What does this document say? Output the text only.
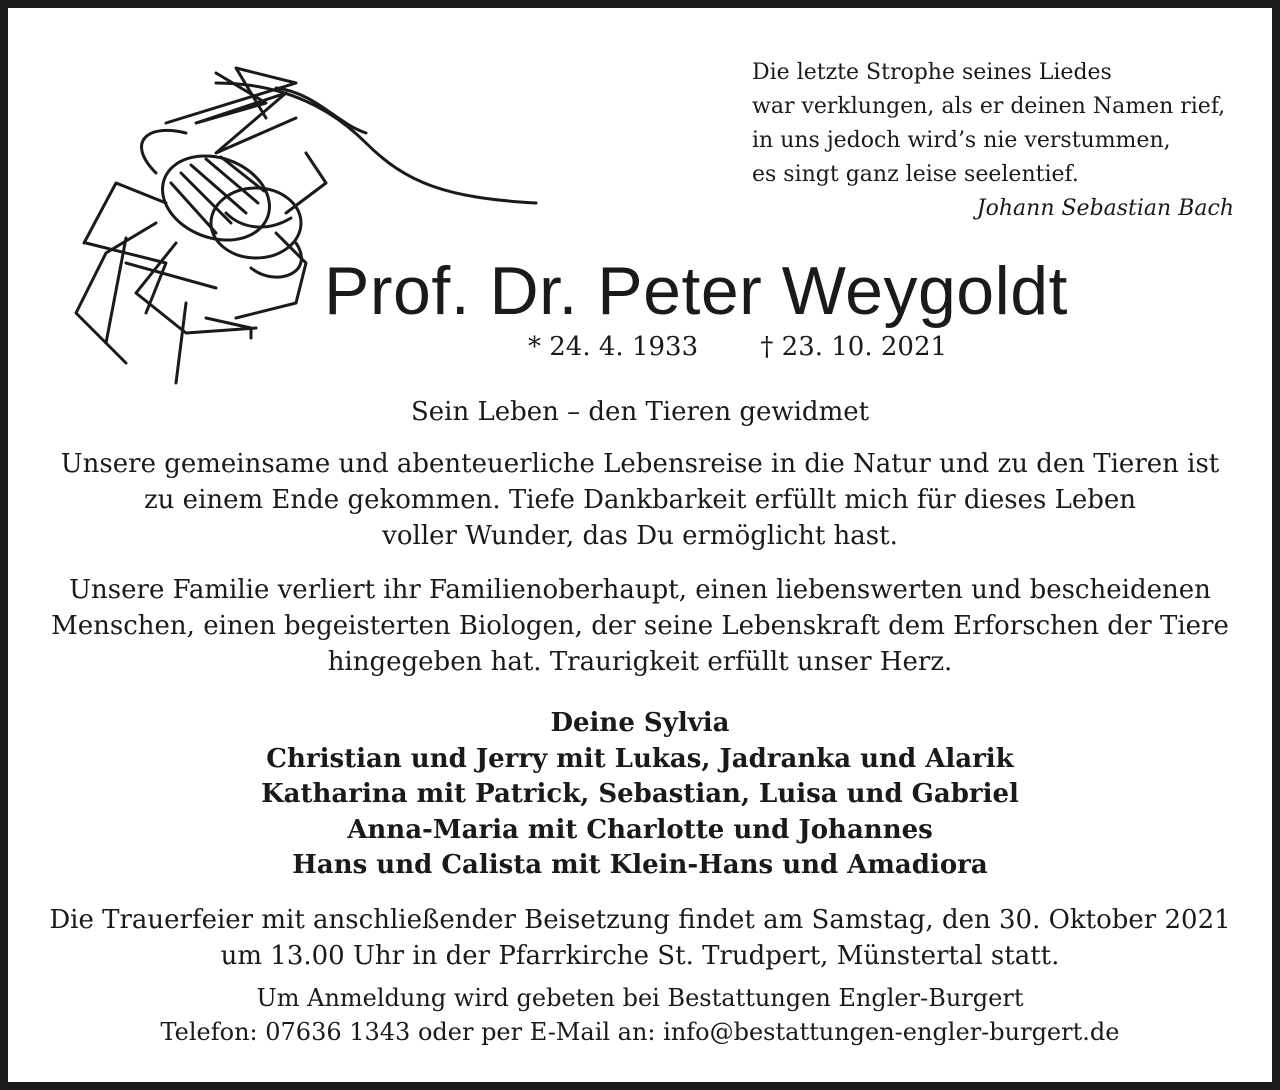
Die letzte Strophe seines Liedes
war verklungen, als er deinen Namen rief,
in uns jedoch wird’s nie verstummen,
es singt ganz leise seelentief.
Johann Sebastian Bach
Prof. Dr. Peter Weygoldt
* 24. 4. 1933 † 23. 10. 2021
Sein Leben – den Tieren gewidmet
Unsere gemeinsame und abenteuerliche Lebensreise in die Natur und zu den Tieren ist
zu einem Ende gekommen. Tiefe Dankbarkeit erfüllt mich für dieses Leben
voller Wunder, das Du ermöglicht hast.
Unsere Familie verliert ihr Familienoberhaupt, einen liebenswerten und bescheidenen
Menschen, einen begeisterten Biologen, der seine Lebenskraft dem Erforschen der Tiere
hingegeben hat. Traurigkeit erfüllt unser Herz.
Deine Sylvia
Christian und Jerry mit Lukas, Jadranka und Alarik
Katharina mit Patrick, Sebastian, Luisa und Gabriel
Anna-Maria mit Charlotte und Johannes
Hans und Calista mit Klein-Hans und Amadiora
Die Trauerfeier mit anschließender Beisetzung findet am Samstag, den 30. Oktober 2021
um 13.00 Uhr in der Pfarrkirche St. Trudpert, Münstertal statt.
Um Anmeldung wird gebeten bei Bestattungen Engler-Burgert
Telefon: 07636 1343 oder per E-Mail an: info@bestattungen-engler-burgert.de
